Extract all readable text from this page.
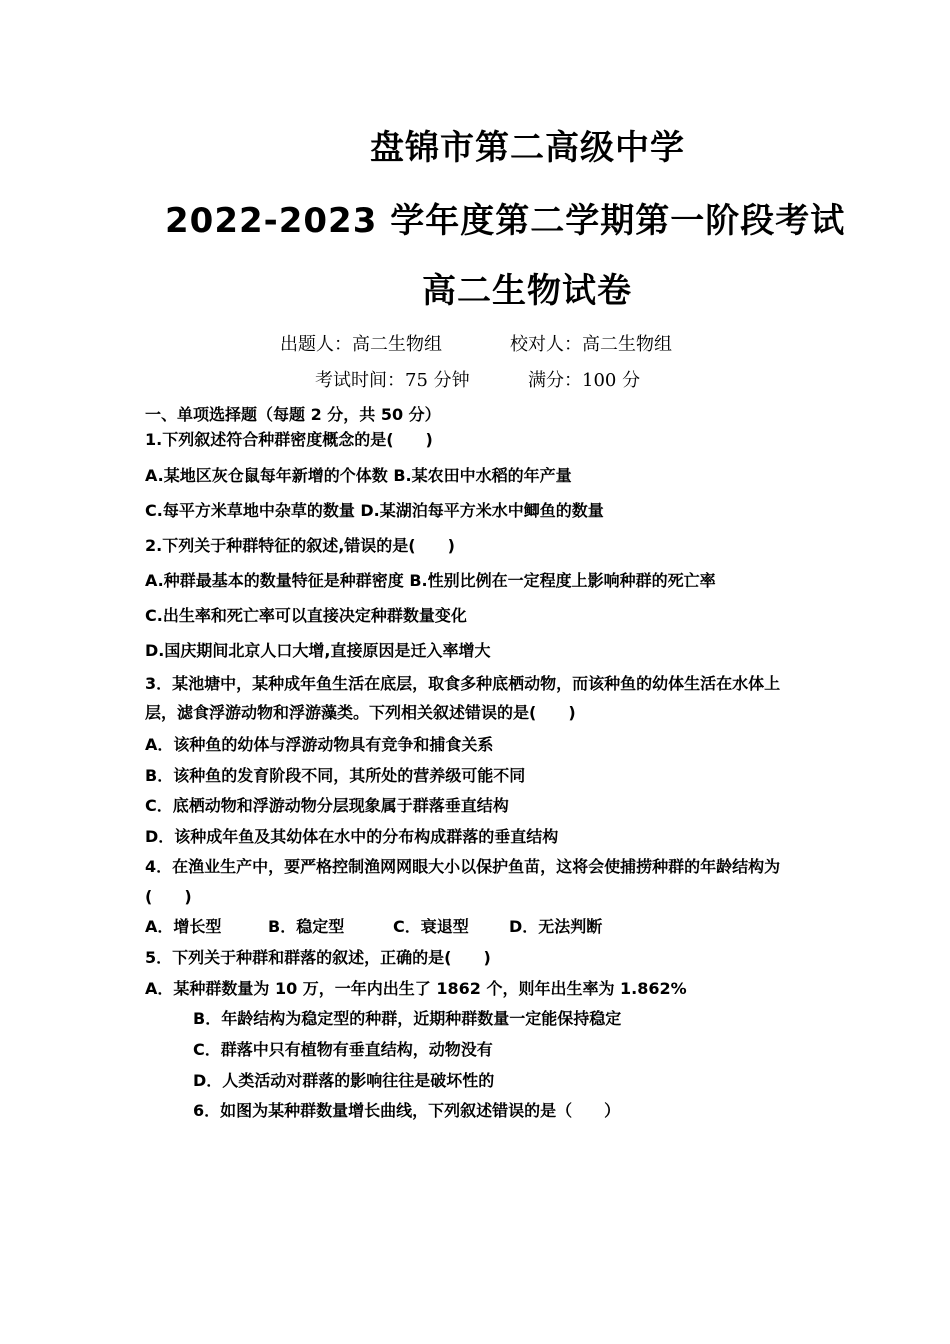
盘锦市第二高级中学
2022-2023 学年度第二学期第一阶段考试
高二生物试卷
出题人：高二生物组	校对人：高二生物组
考试时间：75 分钟	满分：100 分
一、单项选择题（每题 2 分，共 50 分）
1.下列叙述符合种群密度概念的是(　　)
A.某地区灰仓鼠每年新增的个体数 B.某农田中水稻的年产量
C.每平方米草地中杂草的数量 D.某湖泊每平方米水中鲫鱼的数量
2.下列关于种群特征的叙述,错误的是(　　)
A.种群最基本的数量特征是种群密度 B.性别比例在一定程度上影响种群的死亡率
C.出生率和死亡率可以直接决定种群数量变化
D.国庆期间北京人口大增,直接原因是迁入率增大
3．某池塘中，某种成年鱼生活在底层，取食多种底栖动物，而该种鱼的幼体生活在水体上
层，滤食浮游动物和浮游藻类。下列相关叙述错误的是(　　)
A．该种鱼的幼体与浮游动物具有竞争和捕食关系
B．该种鱼的发育阶段不同，其所处的营养级可能不同
C．底栖动物和浮游动物分层现象属于群落垂直结构
D．该种成年鱼及其幼体在水中的分布构成群落的垂直结构
4．在渔业生产中，要严格控制渔网网眼大小以保护鱼苗，这将会使捕捞种群的年龄结构为
(　　)
A．增长型	B．稳定型	C．衰退型	D．无法判断
5．下列关于种群和群落的叙述，正确的是(　　)
A．某种群数量为 10 万，一年内出生了 1862 个，则年出生率为 1.862%
B．年龄结构为稳定型的种群，近期种群数量一定能保持稳定
C．群落中只有植物有垂直结构，动物没有
D．人类活动对群落的影响往往是破坏性的
6．如图为某种群数量增长曲线，下列叙述错误的是（　　）
